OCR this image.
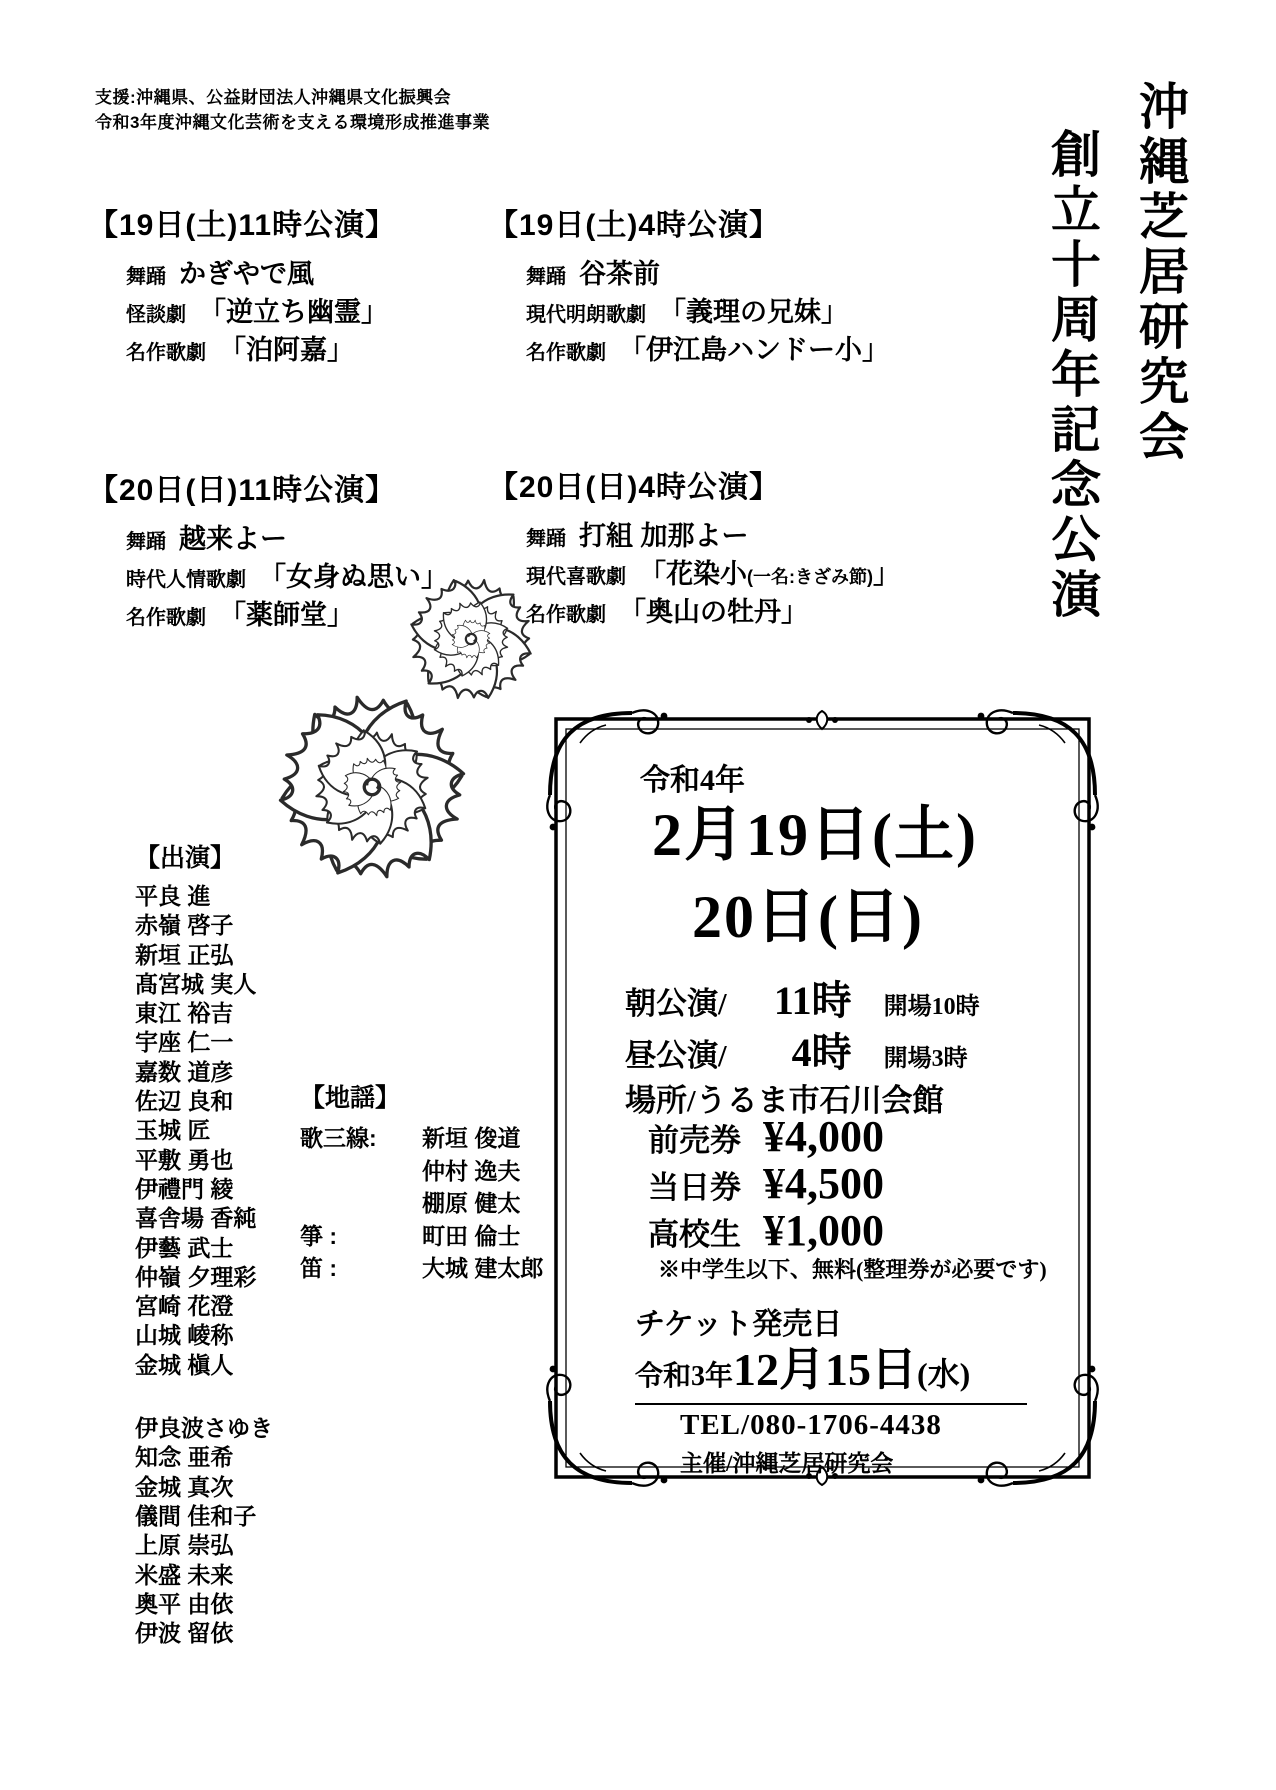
支援:沖縄県、公益財団法人沖縄県文化振興会
令和3年度沖縄文化芸術を支える環境形成推進事業	沖縄芝居研究会
創立十周年記念公演
【19日(土)11時公演】
舞踊 かぎやで風
怪談劇 「逆立ち幽霊」
名作歌劇 「泊阿嘉」
【19日(土)4時公演】
舞踊 谷茶前
現代明朗歌劇 「義理の兄妹」
名作歌劇 「伊江島ハンドー小」
【20日(日)11時公演】
舞踊 越来よー
時代人情歌劇 「女身ぬ思い」
名作歌劇 「薬師堂」
【20日(日)4時公演】
舞踊 打組 加那よー
現代喜歌劇 「花染小 (一名:きざみ節) 」
名作歌劇 「奥山の牡丹」
【出演】
平良 進
赤嶺 啓子
新垣 正弘
髙宮城 実人
東江 裕吉
宇座 仁一
嘉数 道彦
佐辺 良和
玉城 匠
平敷 勇也
伊禮門 綾
喜舎場 香純
伊藝 武士
仲嶺 夕理彩
宮崎 花澄
山城 崚称
金城 槇人
伊良波さゆき
知念 亜希
金城 真次
儀間 佳和子
上原 崇弘
米盛 未来
奥平 由依
伊波 留依
【地謡】
歌三線:	新垣 俊道
仲村 逸夫
棚原 健太
箏 :	町田 倫士
笛 :	大城 建太郎
令和4年
2月19日(土)
20日(日)
朝公演/	11時 開場10時
昼公演/	4時 開場3時
場所/うるま市石川会館
前売券 ¥4,000
当日券 ¥4,500
高校生 ¥1,000
※中学生以下、無料(整理券が必要です)
チケット発売日
令和3年 12月15日 (水)
TEL/080-1706-4438
主催/沖縄芝居研究会
